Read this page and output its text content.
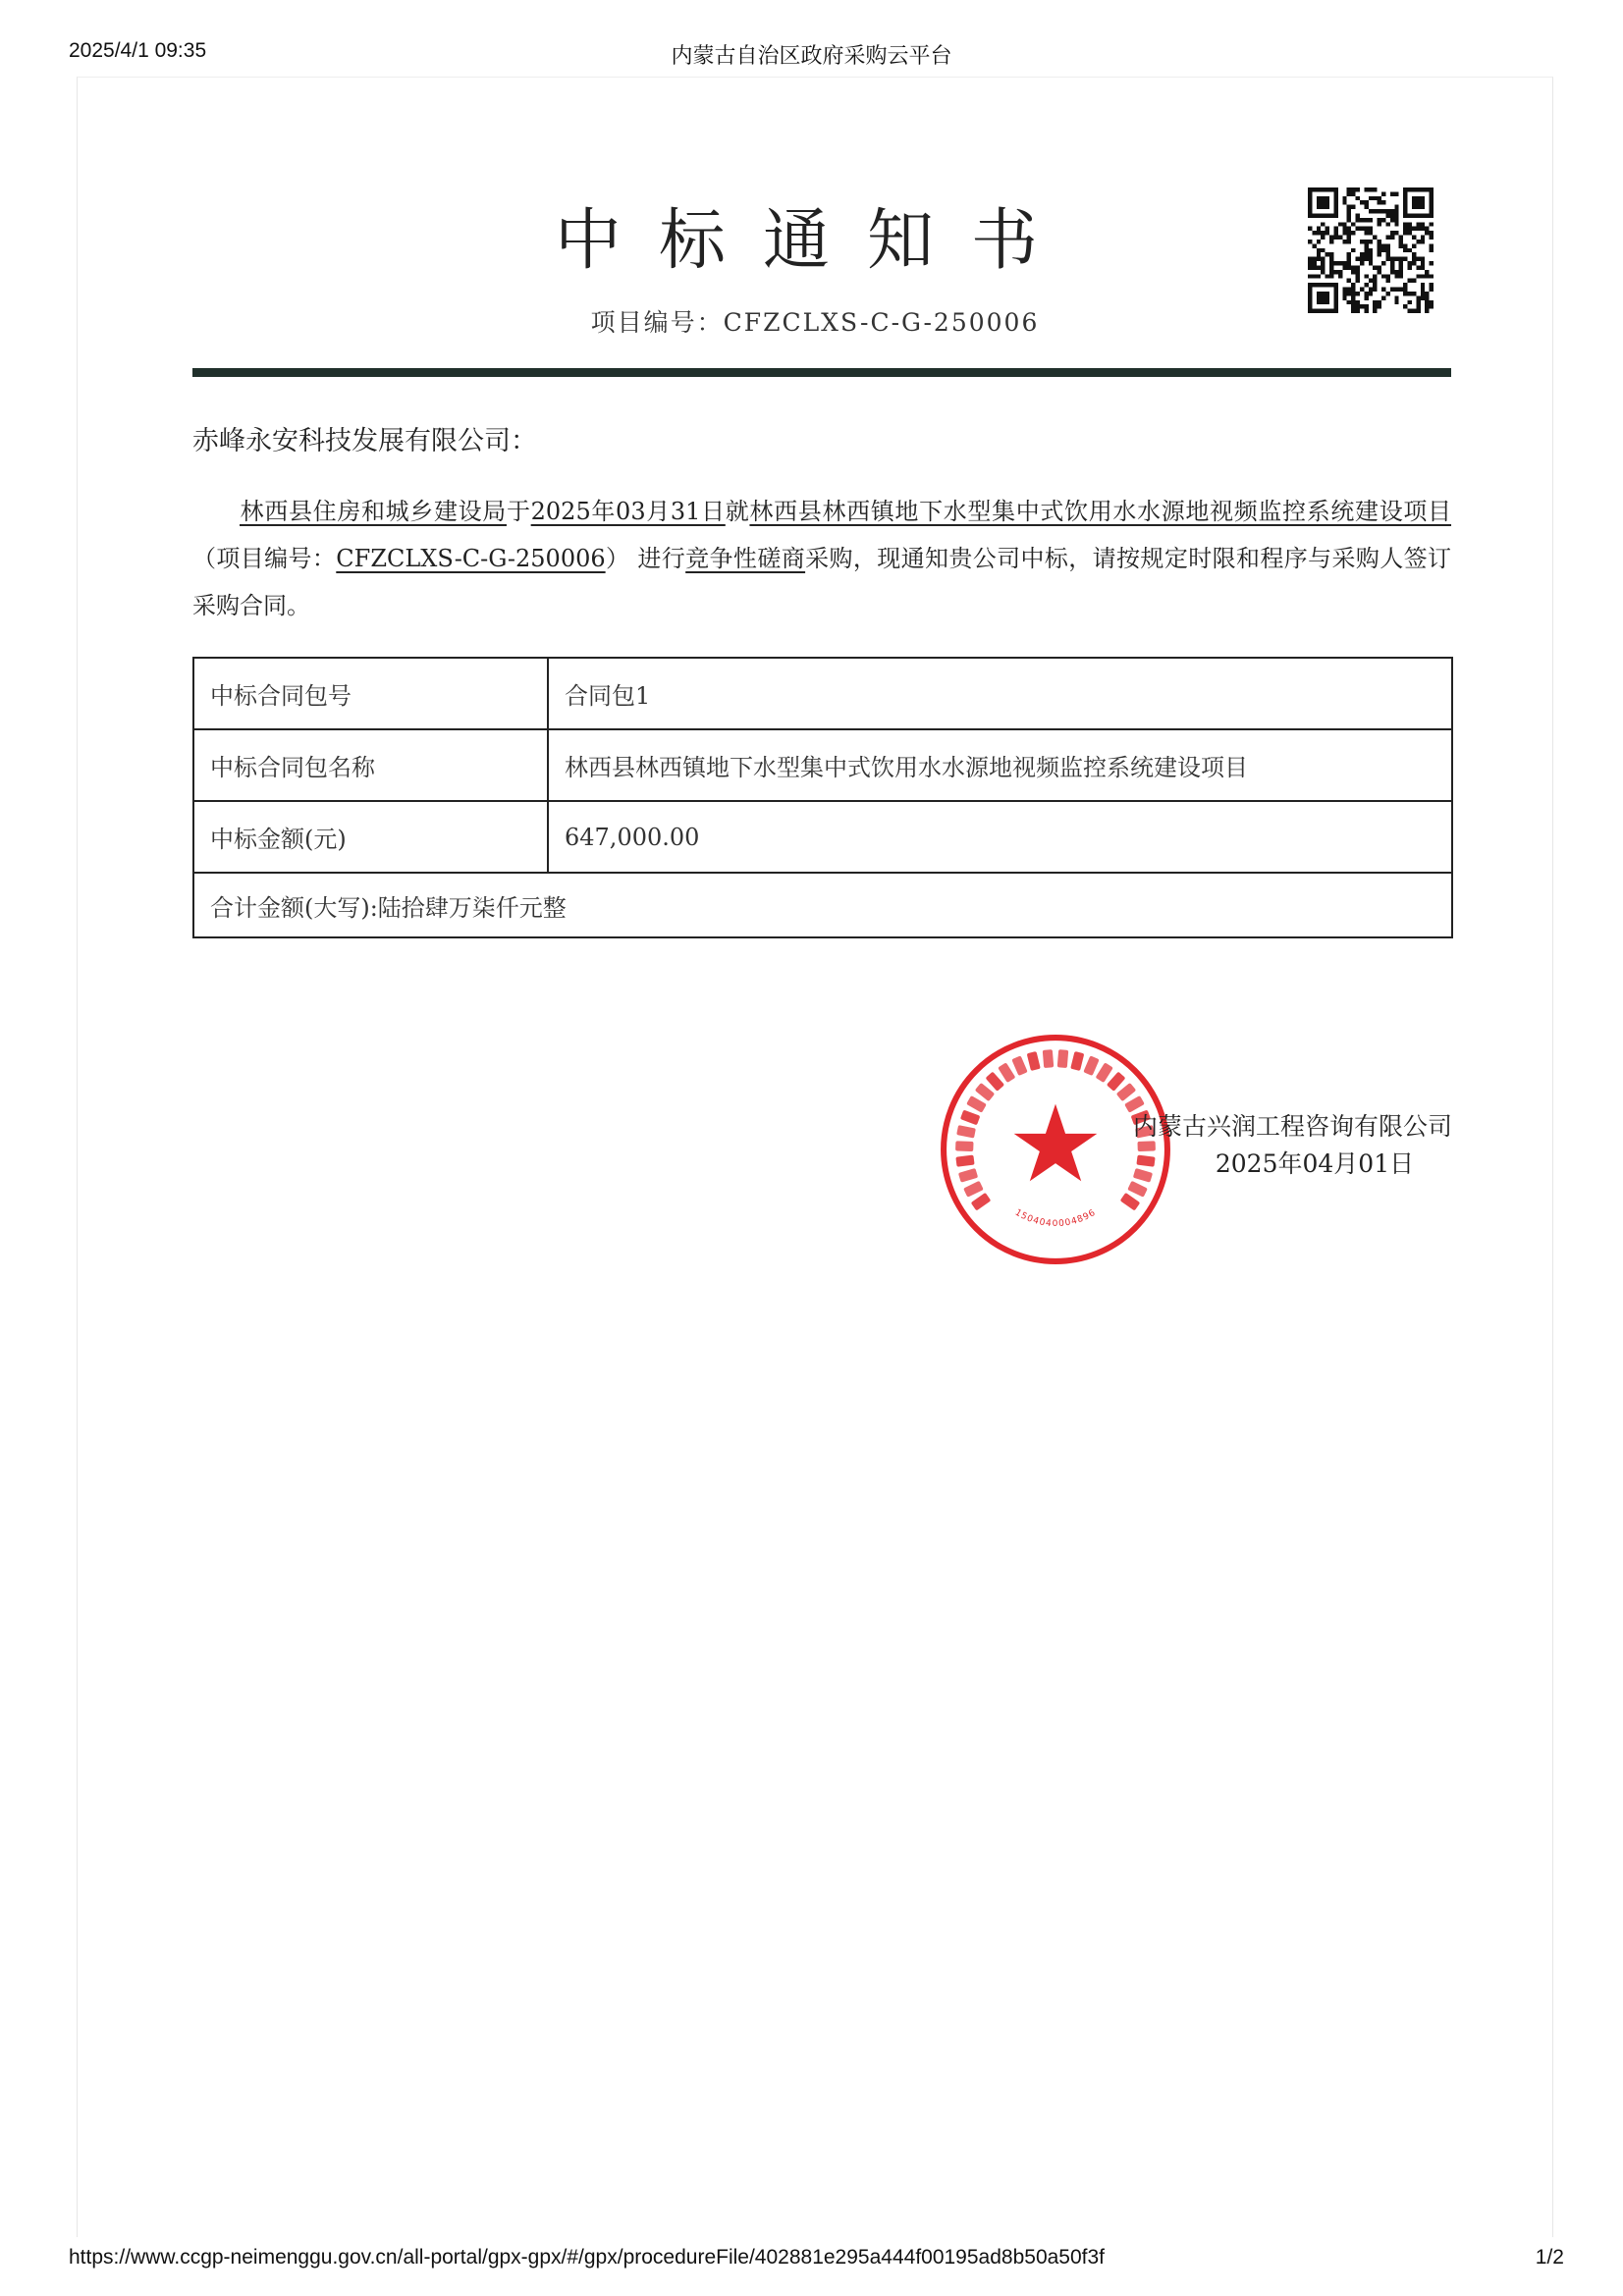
2025/4/1 09:35	内蒙古自治区政府采购云平台
中标通知书
项目编号：CFZCLXS-C-G-250006
赤峰永安科技发展有限公司：
林西县住房和城乡建设局于2025年03月31日就林西县林西镇地下水型集中式饮用水水源地视频监控系统建设项目（项目编号：CFZCLXS-C-G-250006） 进行竞争性磋商采购，现通知贵公司中标，请按规定时限和程序与采购人签订采购合同。
中标合同包号	合同包1
中标合同包名称	林西县林西镇地下水型集中式饮用水水源地视频监控系统建设项目
中标金额(元)	647,000.00
合计金额(大写):陆拾肆万柒仟元整
1504040004896
内蒙古兴润工程咨询有限公司
2025年04月01日
https://www.ccgp-neimenggu.gov.cn/all-portal/gpx-gpx/#/gpx/procedureFile/402881e295a444f00195ad8b50a50f3f	1/2
